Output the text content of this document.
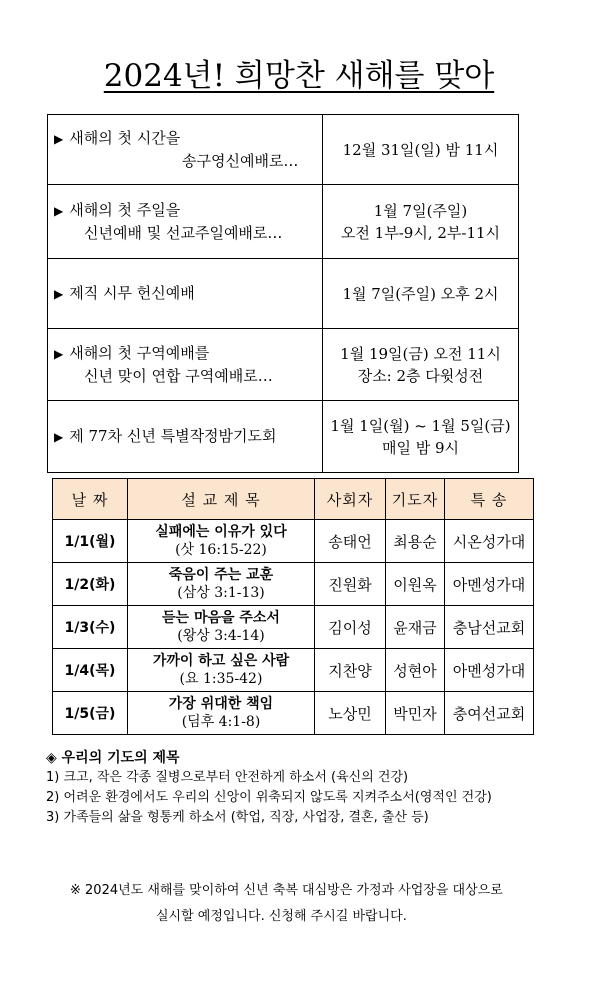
2024년! 희망찬 새해를 맞아
▶ 새해의 첫 시간을
송구영신예배로…	12월 31일(일) 밤 11시

▶ 새해의 첫 주일을
신년예배 및 선교주일예배로…	1월 7일(주일)
오전 1부-9시, 2부-11시

▶ 제직 시무 헌신예배	1월 7일(주일) 오후 2시

▶ 새해의 첫 구역예배를
신년 맞이 연합 구역예배로…	1월 19일(금) 오전 11시
장소: 2층 다윗성전

▶ 제 77차 신년 특별작정밤기도회	1월 1일(월) ~ 1월 5일(금)
매일 밤 9시
날 짜	설 교 제 목	사회자	기도자	특 송
1/1(월)	실패에는 이유가 있다
(삿 16:15-22)	송태언	최용순	시온성가대
1/2(화)	죽음이 주는 교훈
(삼상 3:1-13)	진원화	이원옥	아멘성가대
1/3(수)	듣는 마음을 주소서
(왕상 3:4-14)	김이성	윤재금	충남선교회
1/4(목)	가까이 하고 싶은 사람
(요 1:35-42)	지찬양	성현아	아멘성가대
1/5(금)	가장 위대한 책임
(딤후 4:1-8)	노상민	박민자	충여선교회
◈ 우리의 기도의 제목
1) 크고, 작은 각종 질병으로부터 안전하게 하소서 (육신의 건강)
2) 어려운 환경에서도 우리의 신앙이 위축되지 않도록 지켜주소서(영적인 건강)
3) 가족들의 삶을 형통케 하소서 (학업, 직장, 사업장, 결혼, 출산 등)
※ 2024년도 새해를 맞이하여 신년 축복 대심방은 가정과 사업장을 대상으로
실시할 예정입니다. 신청해 주시길 바랍니다.
